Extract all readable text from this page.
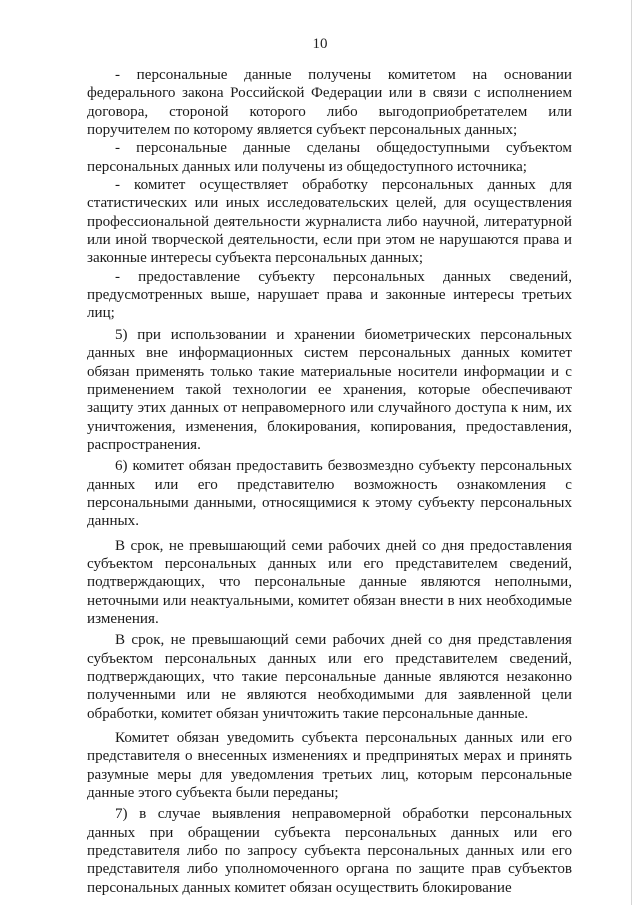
10

- персональные данные получены комитетом на основании федерального закона Российской Федерации или в связи с исполнением договора, стороной которого либо выгодоприобретателем или поручителем по которому является субъект персональных данных;

- персональные данные сделаны общедоступными субъектом персональных данных или получены из общедоступного источника;

- комитет осуществляет обработку персональных данных для статистических или иных исследовательских целей, для осуществления профессиональной деятельности журналиста либо научной, литературной или иной творческой деятельности, если при этом не нарушаются права и законные интересы субъекта персональных данных;

- предоставление субъекту персональных данных сведений, предусмотренных выше, нарушает права и законные интересы третьих лиц;

5) при использовании и хранении биометрических персональных данных вне информационных систем персональных данных комитет обязан применять только такие материальные носители информации и с применением такой технологии ее хранения, которые обеспечивают защиту этих данных от неправомерного или случайного доступа к ним, их уничтожения, изменения, блокирования, копирования, предоставления, распространения.

6) комитет обязан предоставить безвозмездно субъекту персональных данных или его представителю возможность ознакомления с персональными данными, относящимися к этому субъекту персональных данных.

В срок, не превышающий семи рабочих дней со дня предоставления субъектом персональных данных или его представителем сведений, подтверждающих, что персональные данные являются неполными, неточными или неактуальными, комитет обязан внести в них необходимые изменения.

В срок, не превышающий семи рабочих дней со дня представления субъектом персональных данных или его представителем сведений, подтверждающих, что такие персональные данные являются незаконно полученными или не являются необходимыми для заявленной цели обработки, комитет обязан уничтожить такие персональные данные.

Комитет обязан уведомить субъекта персональных данных или его представителя о внесенных изменениях и предпринятых мерах и принять разумные меры для уведомления третьих лиц, которым персональные данные этого субъекта были переданы;

7) в случае выявления неправомерной обработки персональных данных при обращении субъекта персональных данных или его представителя либо по запросу субъекта персональных данных или его представителя либо уполномоченного органа по защите прав субъектов персональных данных комитет обязан осуществить блокирование
